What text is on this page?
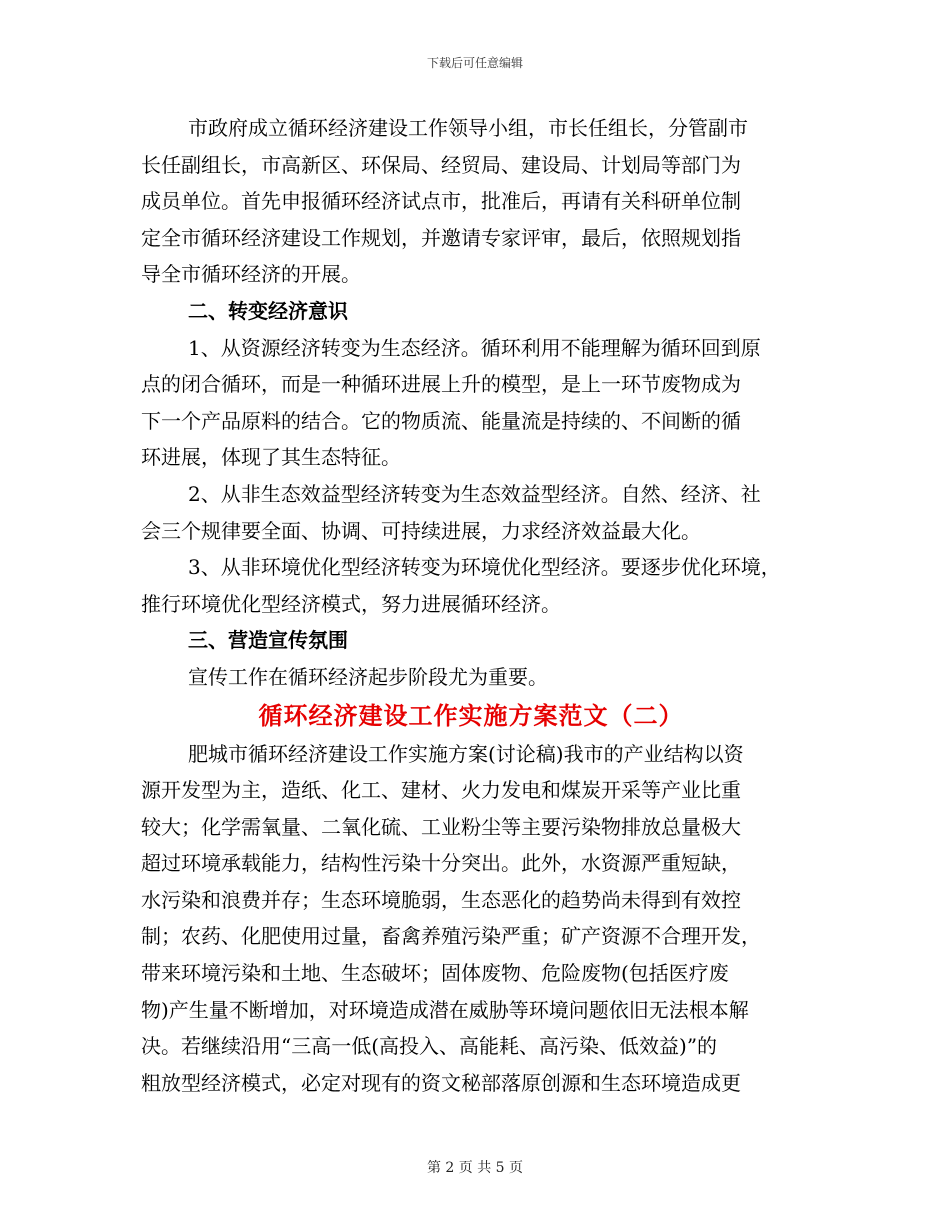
下载后可任意编辑
市政府成立循环经济建设工作领导小组，市长任组长，分管副市
长任副组长，市高新区、环保局、经贸局、建设局、计划局等部门为
成员单位。首先申报循环经济试点市，批准后，再请有关科研单位制
定全市循环经济建设工作规划，并邀请专家评审，最后，依照规划指
导全市循环经济的开展。
二、转变经济意识
1、从资源经济转变为生态经济。循环利用不能理解为循环回到原
点的闭合循环，而是一种循环进展上升的模型，是上一环节废物成为
下一个产品原料的结合。它的物质流、能量流是持续的、不间断的循
环进展，体现了其生态特征。
2、从非生态效益型经济转变为生态效益型经济。自然、经济、社
会三个规律要全面、协调、可持续进展，力求经济效益最大化。
3、从非环境优化型经济转变为环境优化型经济。要逐步优化环境，
推行环境优化型经济模式，努力进展循环经济。
三、营造宣传氛围
宣传工作在循环经济起步阶段尤为重要。
循环经济建设工作实施方案范文（二）
肥城市循环经济建设工作实施方案(讨论稿)我市的产业结构以资
源开发型为主，造纸、化工、建材、火力发电和煤炭开采等产业比重
较大；化学需氧量、二氧化硫、工业粉尘等主要污染物排放总量极大
超过环境承载能力，结构性污染十分突出。此外，水资源严重短缺，
水污染和浪费并存；生态环境脆弱，生态恶化的趋势尚未得到有效控
制；农药、化肥使用过量，畜禽养殖污染严重；矿产资源不合理开发，
带来环境污染和土地、生态破坏；固体废物、危险废物(包括医疗废
物)产生量不断增加，对环境造成潜在威胁等环境问题依旧无法根本解
决。若继续沿用“三高一低(高投入、高能耗、高污染、低效益)”的
粗放型经济模式，必定对现有的资文秘部落原创源和生态环境造成更
第 2 页 共 5 页
